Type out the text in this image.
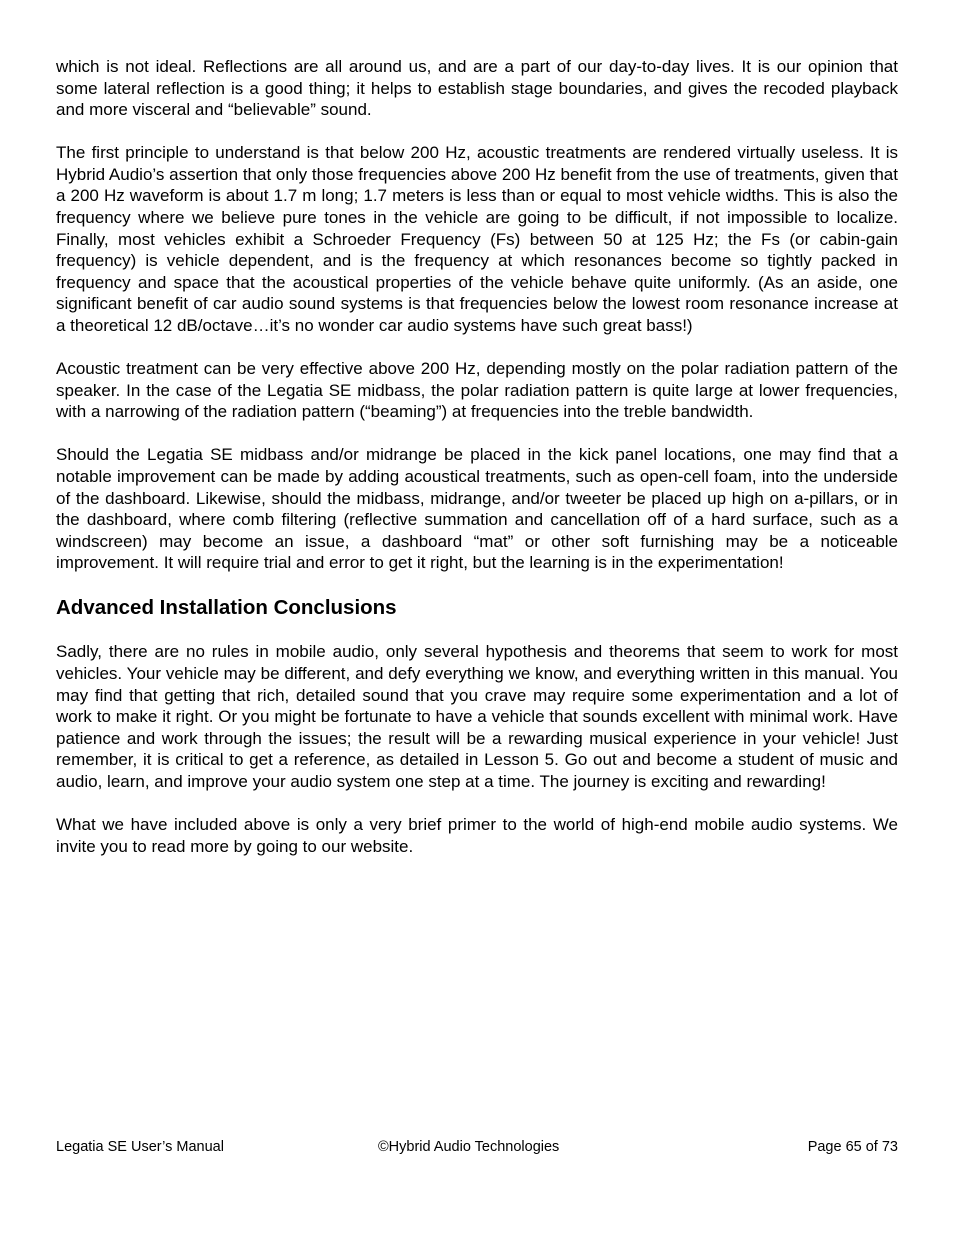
which is not ideal. Reflections are all around us, and are a part of our day-to-day lives. It is our opinion that some lateral reflection is a good thing; it helps to establish stage boundaries, and gives the recoded playback and more visceral and “believable” sound.

The first principle to understand is that below 200 Hz, acoustic treatments are rendered virtually useless. It is Hybrid Audio’s assertion that only those frequencies above 200 Hz benefit from the use of treatments, given that a 200 Hz waveform is about 1.7 m long; 1.7 meters is less than or equal to most vehicle widths. This is also the frequency where we believe pure tones in the vehicle are going to be difficult, if not impossible to localize. Finally, most vehicles exhibit a Schroeder Frequency (Fs) between 50 at 125 Hz; the Fs (or cabin-gain frequency) is vehicle dependent, and is the frequency at which resonances become so tightly packed in frequency and space that the acoustical properties of the vehicle behave quite uniformly. (As an aside, one significant benefit of car audio sound systems is that frequencies below the lowest room resonance increase at a theoretical 12 dB/octave…it’s no wonder car audio systems have such great bass!)

Acoustic treatment can be very effective above 200 Hz, depending mostly on the polar radiation pattern of the speaker. In the case of the Legatia SE midbass, the polar radiation pattern is quite large at lower frequencies, with a narrowing of the radiation pattern (“beaming”) at frequencies into the treble bandwidth.

Should the Legatia SE midbass and/or midrange be placed in the kick panel locations, one may find that a notable improvement can be made by adding acoustical treatments, such as open-cell foam, into the underside of the dashboard. Likewise, should the midbass, midrange, and/or tweeter be placed up high on a-pillars, or in the dashboard, where comb filtering (reflective summation and cancellation off of a hard surface, such as a windscreen) may become an issue, a dashboard “mat” or other soft furnishing may be a noticeable improvement. It will require trial and error to get it right, but the learning is in the experimentation!

Advanced Installation Conclusions

Sadly, there are no rules in mobile audio, only several hypothesis and theorems that seem to work for most vehicles. Your vehicle may be different, and defy everything we know, and everything written in this manual. You may find that getting that rich, detailed sound that you crave may require some experimentation and a lot of work to make it right. Or you might be fortunate to have a vehicle that sounds excellent with minimal work. Have patience and work through the issues; the result will be a rewarding musical experience in your vehicle! Just remember, it is critical to get a reference, as detailed in Lesson 5. Go out and become a student of music and audio, learn, and improve your audio system one step at a time. The journey is exciting and rewarding!

What we have included above is only a very brief primer to the world of high-end mobile audio systems. We invite you to read more by going to our website.

Legatia SE User’s Manual	©Hybrid Audio Technologies	Page 65 of 73
